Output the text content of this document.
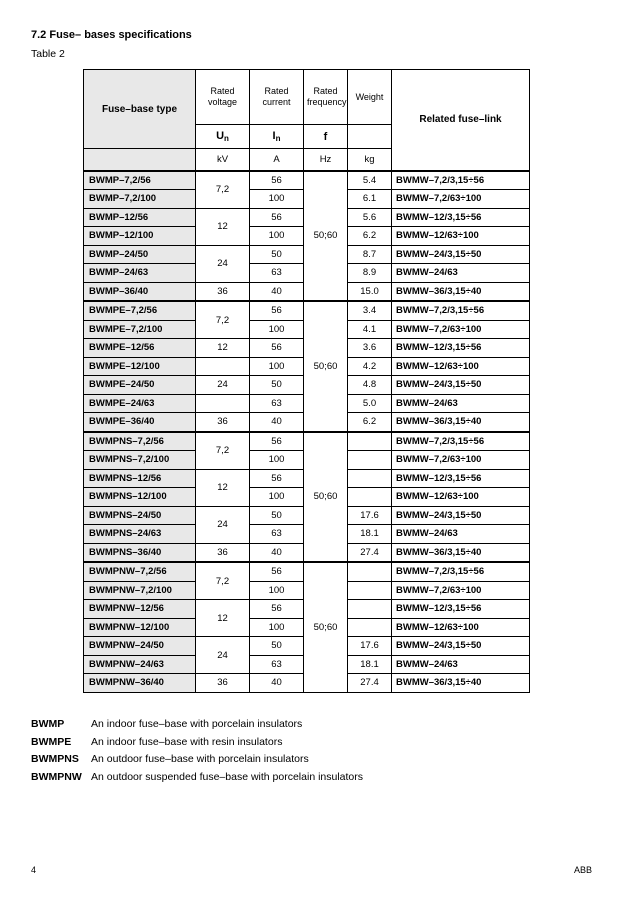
7.2 Fuse– bases specifications
Table 2
Fuse–base type	Rated voltage	Rated current	Rated frequency	Weight	Related fuse–link
	$U_n$	$I_n$	f		
	kV	A	Hz	kg	
BWMP–7,2/56	7,2	56	50;60	5.4	BWMW–7,2/3,15÷56
BWMP–7,2/100		100		6.1	BWMW–7,2/63÷100
BWMP–12/56	12	56		5.6	BWMW–12/3,15÷56
BWMP–12/100		100		6.2	BWMW–12/63÷100
BWMP–24/50	24	50		8.7	BWMW–24/3,15÷50
BWMP–24/63		63		8.9	BWMW–24/63
BWMP–36/40	36	40		15.0	BWMW–36/3,15÷40
BWMPE–7,2/56	7,2	56	50;60	3.4	BWMW–7,2/3,15÷56
BWMPE–7,2/100		100		4.1	BWMW–7,2/63÷100
BWMPE–12/56	12	56		3.6	BWMW–12/3,15÷56
BWMPE–12/100		100		4.2	BWMW–12/63÷100
BWMPE–24/50	24	50		4.8	BWMW–24/3,15÷50
BWMPE–24/63		63		5.0	BWMW–24/63
BWMPE–36/40	36	40		6.2	BWMW–36/3,15÷40
BWMPNS–7,2/56	7,2	56	50;60		BWMW–7,2/3,15÷56
BWMPNS–7,2/100		100			BWMW–7,2/63÷100
BWMPNS–12/56	12	56			BWMW–12/3,15÷56
BWMPNS–12/100		100			BWMW–12/63÷100
BWMPNS–24/50	24	50		17.6	BWMW–24/3,15÷50
BWMPNS–24/63		63		18.1	BWMW–24/63
BWMPNS–36/40	36	40		27.4	BWMW–36/3,15÷40
BWMPNW–7,2/56	7,2	56	50;60		BWMW–7,2/3,15÷56
BWMPNW–7,2/100		100			BWMW–7,2/63÷100
BWMPNW–12/56	12	56			BWMW–12/3,15÷56
BWMPNW–12/100		100			BWMW–12/63÷100
BWMPNW–24/50	24	50		17.6	BWMW–24/3,15÷50
BWMPNW–24/63		63		18.1	BWMW–24/63
BWMPNW–36/40	36	40		27.4	BWMW–36/3,15÷40
BWMP	An indoor fuse–base with porcelain insulators
BWMPE An indoor fuse–base with resin insulators
BWMPNS An outdoor fuse–base with porcelain insulators
BWMPNW An outdoor suspended fuse–base with porcelain insulators
4	ABB
